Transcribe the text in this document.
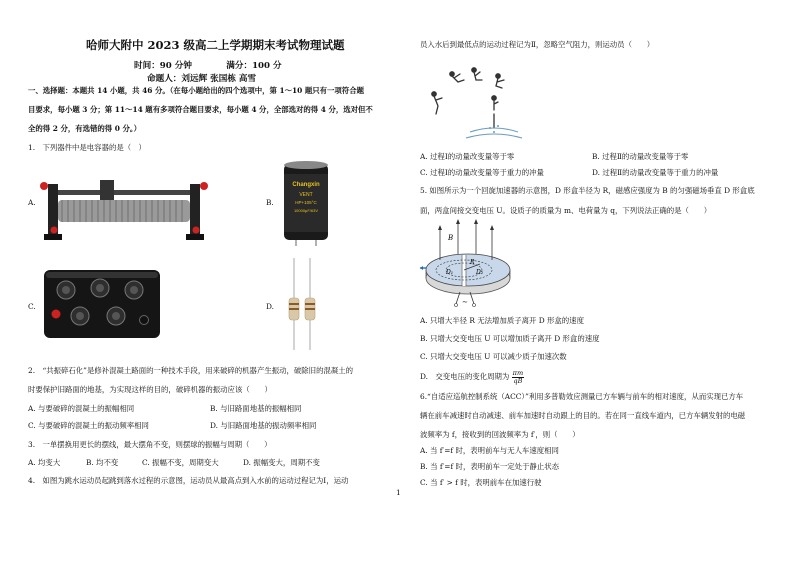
哈师大附中 2023 级高二上学期期末考试物理试题
时间：90 分钟　　　　满分：100 分
命题人：刘远辉 张国栋 高雪
一、选择题：本题共 14 小题，共 46 分。（在每小题给出的四个选项中，第 1～10 题只有一项符合题
目要求，每小题 3 分；第 11～14 题有多项符合题目要求，每小题 4 分，全部选对的得 4 分，选对但不
全的得 2 分，有选错的得 0 分。）
1.　下列器件中是电容器的是（　）
A.	B.
Changxin
VENT
HP+105°C
10000μF/63V
C.	D.
2.　“共振碎石化”是修补混凝土路面的一种技术手段，用来破碎的机器产生振动，破除旧的混凝土的
时要保护旧路面的地基，为实现这样的目的，破碎机器的振动应该（　　）
A. 与要破碎的混凝土的振幅相同	B. 与旧路面地基的振幅相同
C. 与要破碎的混凝土的振动频率相同	D. 与旧路面地基的振动频率相同
3.　一单摆换用更长的摆线，最大摆角不变，则摆球的振幅与周期（　　）
A. 均变大	B. 均不变	C. 振幅不变，周期变大	D. 振幅变大，周期不变
4.　如图为跳水运动员起跳到落水过程的示意图，运动员从最高点到入水前的运动过程记为Ⅰ，运动
员入水后到最低点的运动过程记为Ⅱ，忽略空气阻力，则运动员（　　）
A. 过程Ⅰ的动量改变量等于零	B. 过程Ⅱ的动量改变量等于零
C. 过程Ⅰ的动量改变量等于重力的冲量	D. 过程Ⅱ的动量改变量等于重力的冲量
5. 如图所示为一个回旋加速器的示意图，D 形盒半径为 R，磁感应强度为 B 的匀强磁场垂直 D 形盒底
面，两盒间接交变电压 U。设质子的质量为 m、电荷量为 q，下列说法正确的是（　　）
B
R
D₁	D₂
∼
A. 只增大半径 R 无法增加质子离开 D 形盒的速度
B. 只增大交变电压 U 可以增加质子离开 D 形盒的速度
C. 只增大交变电压 U 可以减少质子加速次数
D.　交变电压的变化周期为 $\frac{\pi m}{qB}$
6.“自适应巡航控制系统（ACC）”利用多普勒效应测量已方车辆与前车的相对速度，从而实现已方车
辆在前车减速时自动减速、前车加速时自动跟上的目的。若在同一直线车道内，已方车辆发射的电磁
波频率为 f，接收到的回波频率为 f′，则（　　）
A. 当 f′=f 时，表明前车与无人车速度相同
B. 当 f′=f 时，表明前车一定处于静止状态
C. 当 f′ > f 时，表明前车在加速行驶
1
